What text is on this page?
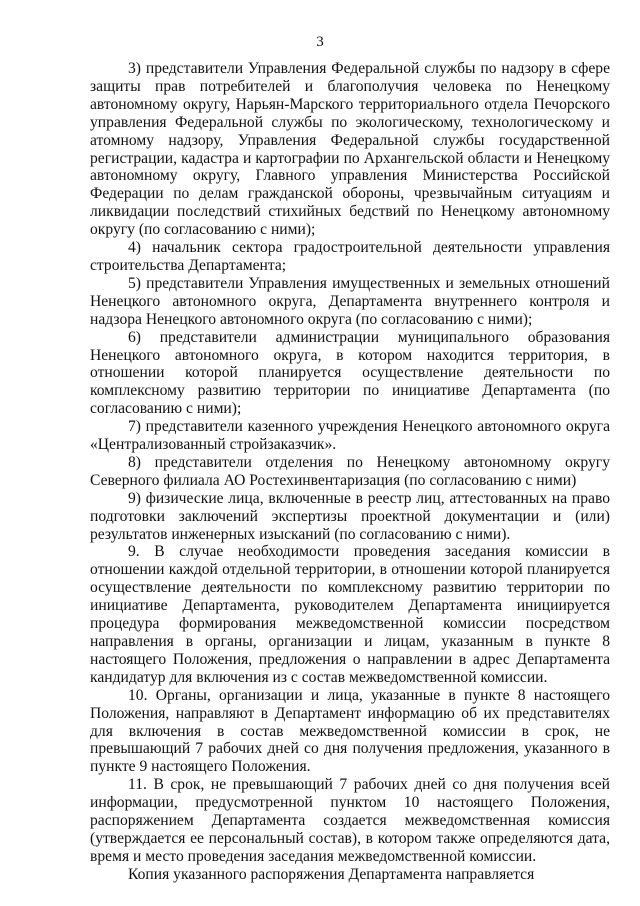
3

3) представители Управления Федеральной службы по надзору в сфере защиты прав потребителей и благополучия человека по Ненецкому автономному округу, Нарьян-Марского территориального отдела Печорского управления Федеральной службы по экологическому, технологическому и атомному надзору, Управления Федеральной службы государственной регистрации, кадастра и картографии по Архангельской области и Ненецкому автономному округу, Главного управления Министерства Российской Федерации по делам гражданской обороны, чрезвычайным ситуациям и ликвидации последствий стихийных бедствий по Ненецкому автономному округу (по согласованию с ними);

4) начальник сектора градостроительной деятельности управления строительства Департамента;

5) представители Управления имущественных и земельных отношений Ненецкого автономного округа, Департамента внутреннего контроля и надзора Ненецкого автономного округа (по согласованию с ними);

6) представители администрации муниципального образования Ненецкого автономного округа, в котором находится территория, в отношении которой планируется осуществление деятельности по комплексному развитию территории по инициативе Департамента (по согласованию с ними);

7) представители казенного учреждения Ненецкого автономного округа «Централизованный стройзаказчик».

8) представители отделения по Ненецкому автономному округу Северного филиала АО Ростехинвентаризация (по согласованию с ними)

9) физические лица, включенные в реестр лиц, аттестованных на право подготовки заключений экспертизы проектной документации и (или) результатов инженерных изысканий (по согласованию с ними).

9. В случае необходимости проведения заседания комиссии в отношении каждой отдельной территории, в отношении которой планируется осуществление деятельности по комплексному развитию территории по инициативе Департамента, руководителем Департамента инициируется процедура формирования межведомственной комиссии посредством направления в органы, организации и лицам, указанным в пункте 8 настоящего Положения, предложения о направлении в адрес Департамента кандидатур для включения из с состав межведомственной комиссии.

10. Органы, организации и лица, указанные в пункте 8 настоящего Положения, направляют в Департамент информацию об их представителях для включения в состав межведомственной комиссии в срок, не превышающий 7 рабочих дней со дня получения предложения, указанного в пункте 9 настоящего Положения.

11. В срок, не превышающий 7 рабочих дней со дня получения всей информации, предусмотренной пунктом 10 настоящего Положения, распоряжением Департамента создается межведомственная комиссия (утверждается ее персональный состав), в котором также определяются дата, время и место проведения заседания межведомственной комиссии.

Копия указанного распоряжения Департамента направляется
